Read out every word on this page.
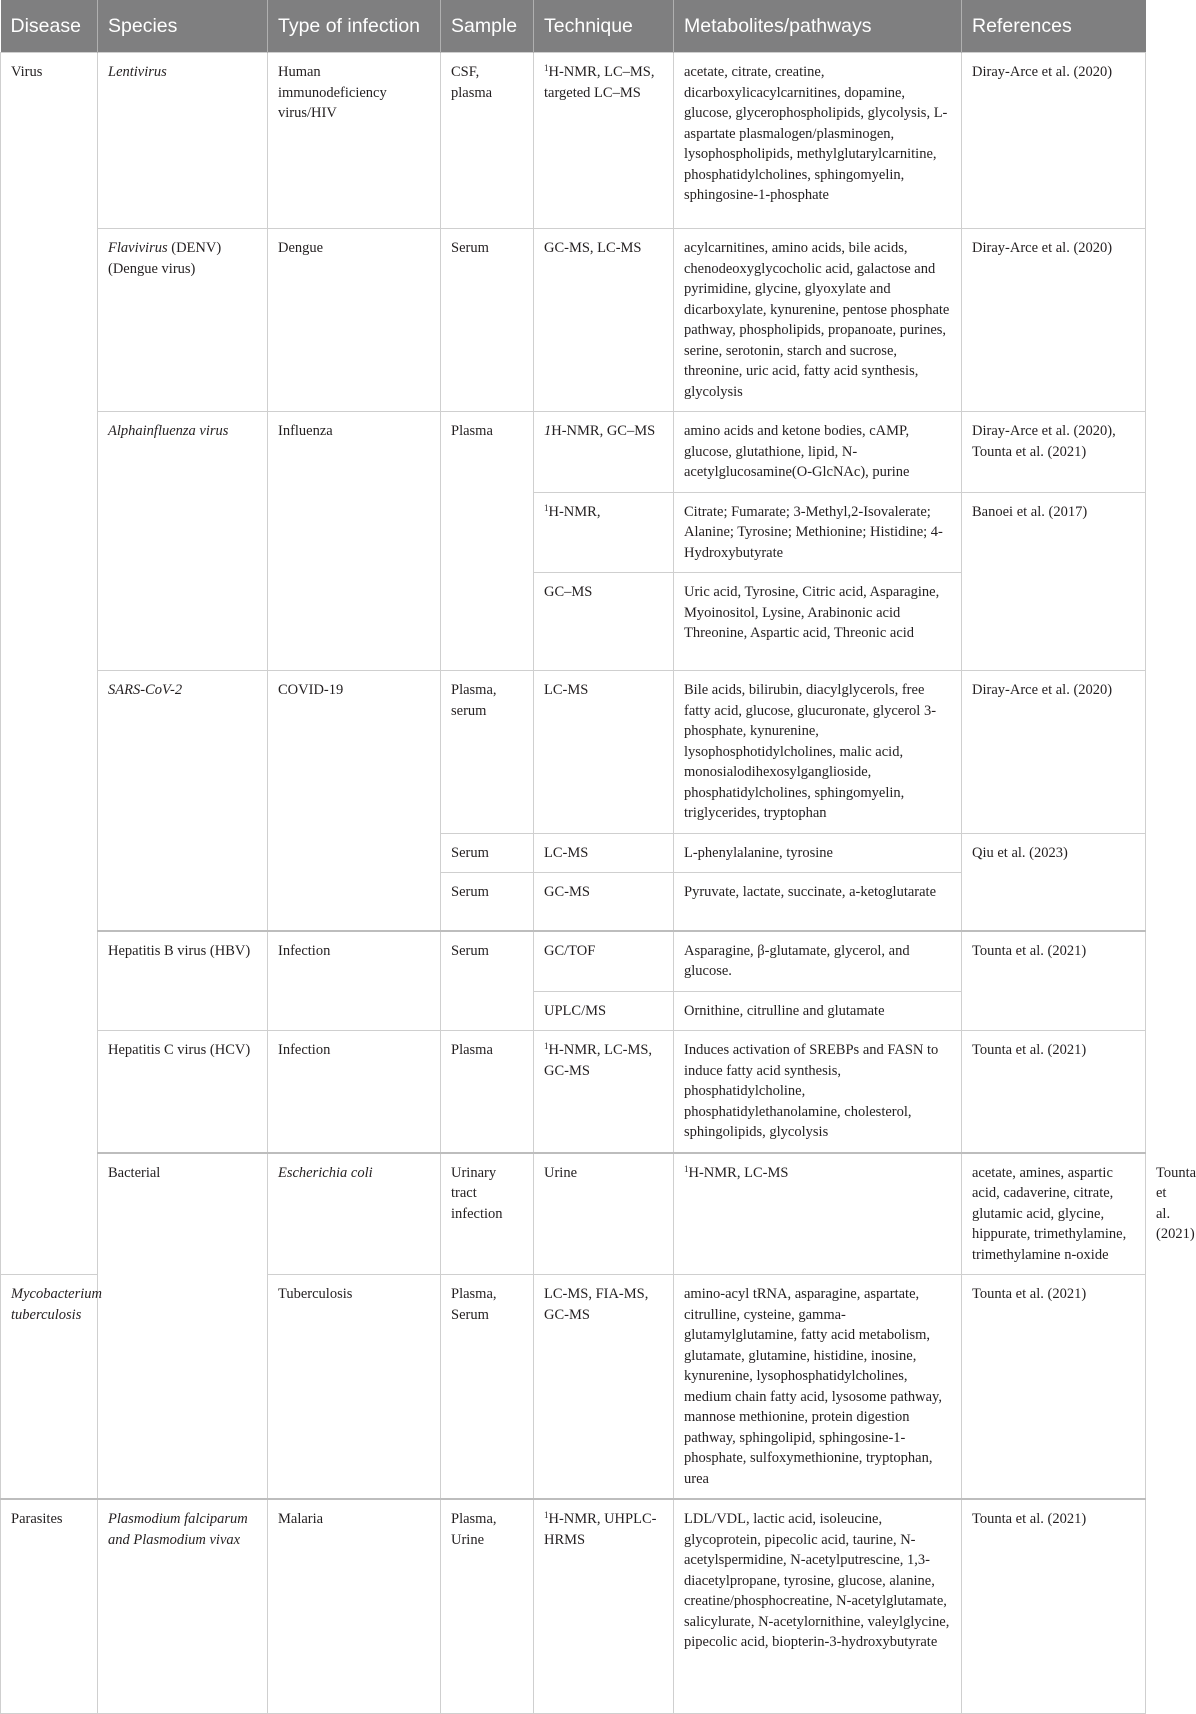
Disease	Species	Type of infection	Sample	Technique	Metabolites/pathways	References	
Virus	Lentivirus	Human immunodeficiency virus/HIV	CSF, plasma	$^1$H-NMR, LC–MS, targeted LC–MS	acetate, citrate, creatine, dicarboxylicacylcarnitines, dopamine, glucose, glycerophospholipids, glycolysis, L-aspartate plasmalogen/plasminogen, lysophospholipids, methylglutarylcarnitine, phosphatidylcholines, sphingomyelin, sphingosine-1-phosphate	Diray-Arce et al. (2020)	
	Flavivirus (DENV) (Dengue virus)	Dengue	Serum	GC-MS, LC-MS	acylcarnitines, amino acids, bile acids, chenodeoxyglycocholic acid, galactose and pyrimidine, glycine, glyoxylate and dicarboxylate, kynurenine, pentose phosphate pathway, phospholipids, propanoate, purines, serine, serotonin, starch and sucrose, threonine, uric acid, fatty acid synthesis, glycolysis	Diray-Arce et al. (2020)	
	Alphainfluenza virus	Influenza	Plasma	1H-NMR, GC–MS	amino acids and ketone bodies, cAMP, glucose, glutathione, lipid, N-acetylglucosamine(O-GlcNAc), purine	Diray-Arce et al. (2020), Tounta et al. (2021)	
				$^1$H-NMR,	Citrate; Fumarate; 3-Methyl,2-Isovalerate; Alanine; Tyrosine; Methionine; Histidine; 4-Hydroxybutyrate	Banoei et al. (2017)	
				GC–MS	Uric acid, Tyrosine, Citric acid, Asparagine, Myoinositol, Lysine, Arabinonic acid Threonine, Aspartic acid, Threonic acid		
	SARS-CoV-2	COVID-19	Plasma, serum	LC-MS	Bile acids, bilirubin, diacylglycerols, free fatty acid, glucose, glucuronate, glycerol 3-phosphate, kynurenine, lysophosphotidylcholines, malic acid, monosialodihexosylganglioside, phosphatidylcholines, sphingomyelin, triglycerides, tryptophan	Diray-Arce et al. (2020)	
			Serum	LC-MS	L-phenylalanine, tyrosine	Qiu et al. (2023)	
			Serum	GC-MS	Pyruvate, lactate, succinate, a-ketoglutarate		
	Hepatitis B virus (HBV)	Infection	Serum	GC/TOF	Asparagine, β-glutamate, glycerol, and glucose.	Tounta et al. (2021)	
				UPLC/MS	Ornithine, citrulline and glutamate		
	Hepatitis C virus (HCV)	Infection	Plasma	$^1$H-NMR, LC-MS, GC-MS	Induces activation of SREBPs and FASN to induce fatty acid synthesis, phosphatidylcholine, phosphatidylethanolamine, cholesterol, sphingolipids, glycolysis	Tounta et al. (2021)	
	Bacterial	Escherichia coli	Urinary tract infection	Urine	$^1$H-NMR, LC-MS	acetate, amines, aspartic acid, cadaverine, citrate, glutamic acid, glycine, hippurate, trimethylamine, trimethylamine n-oxide	Tounta et al. (2021)
Mycobacterium tuberculosis		Tuberculosis	Plasma, Serum	LC-MS, FIA-MS, GC-MS	amino-acyl tRNA, asparagine, aspartate, citrulline, cysteine, gamma-glutamylglutamine, fatty acid metabolism, glutamate, glutamine, histidine, inosine, kynurenine, lysophosphatidylcholines, medium chain fatty acid, lysosome pathway, mannose methionine, protein digestion pathway, sphingolipid, sphingosine-1-phosphate, sulfoxymethionine, tryptophan, urea	Tounta et al. (2021)	
Parasites	Plasmodium falciparum and Plasmodium vivax	Malaria	Plasma, Urine	$^1$H-NMR, UHPLC-HRMS	LDL/VDL, lactic acid, isoleucine, glycoprotein, pipecolic acid, taurine, N-acetylspermidine, N-acetylputrescine, 1,3-diacetylpropane, tyrosine, glucose, alanine, creatine/phosphocreatine, N-acetylglutamate, salicylurate, N-acetylornithine, valeylglycine, pipecolic acid, biopterin-3-hydroxybutyrate	Tounta et al. (2021)	
